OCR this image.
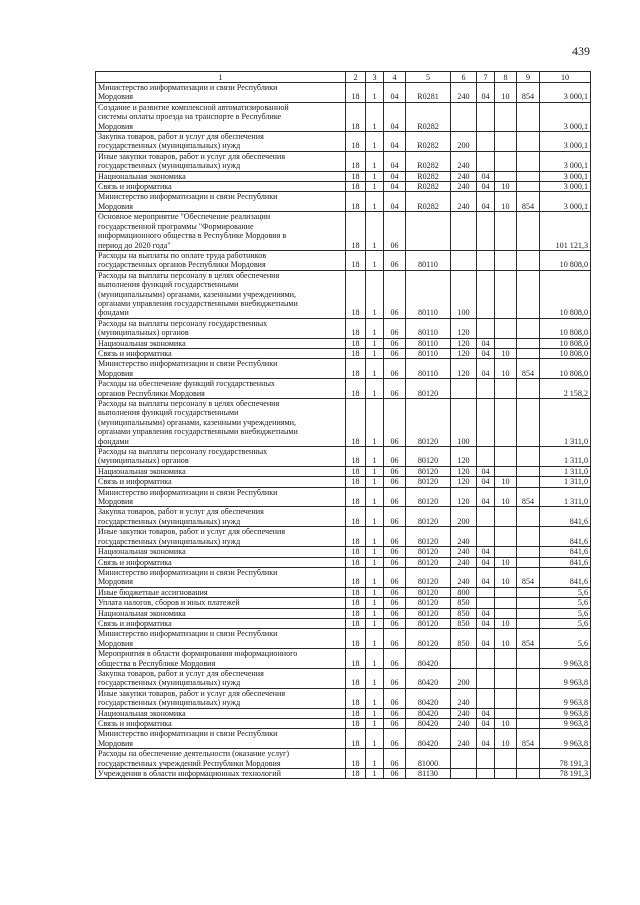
439
1	2	3	4	5	6	7	8	9	10
Министерство информатизации и связи Республики
Мордовия	18	1	04	R0281	240	04	10	854	3 000,1
Создание и развитие комплексной автоматизированной
системы оплаты проезда на транспорте в Республике
Мордовия	18	1	04	R0282					3 000,1
Закупка товаров, работ и услуг для обеспечения
государственных (муниципальных) нужд	18	1	04	R0282	200				3 000,1
Иные закупки товаров, работ и услуг для обеспечения
государственных (муниципальных) нужд	18	1	04	R0282	240				3 000,1
Национальная экономика	18	1	04	R0282	240	04			3 000,1
Связь и информатика	18	1	04	R0282	240	04	10		3 000,1
Министерство информатизации и связи Республики
Мордовия	18	1	04	R0282	240	04	10	854	3 000,1
Основное мероприятие "Обеспечение реализации
государственной программы "Формирование
информационного общества в Республике Мордовия в
период до 2020 года"	18	1	06						101 121,3
Расходы на выплаты по оплате труда работников
государственных органов Республики Мордовия	18	1	06	80110					10 808,0
Расходы на выплаты персоналу в целях обеспечения
выполнения функций государственными
(муниципальными) органами, казенными учреждениями,
органами управления государственными внебюджетными
фондами	18	1	06	80110	100				10 808,0
Расходы на выплаты персоналу государственных
(муниципальных) органов	18	1	06	80110	120				10 808,0
Национальная экономика	18	1	06	80110	120	04			10 808,0
Связь и информатика	18	1	06	80110	120	04	10		10 808,0
Министерство информатизации и связи Республики
Мордовия	18	1	06	80110	120	04	10	854	10 808,0
Расходы на обеспечение функций государственных
органов Республики Мордовия	18	1	06	80120					2 158,2
Расходы на выплаты персоналу в целях обеспечения
выполнения функций государственными
(муниципальными) органами, казенными учреждениями,
органами управления государственными внебюджетными
фондами	18	1	06	80120	100				1 311,0
Расходы на выплаты персоналу государственных
(муниципальных) органов	18	1	06	80120	120				1 311,0
Национальная экономика	18	1	06	80120	120	04			1 311,0
Связь и информатика	18	1	06	80120	120	04	10		1 311,0
Министерство информатизации и связи Республики
Мордовия	18	1	06	80120	120	04	10	854	1 311,0
Закупка товаров, работ и услуг для обеспечения
государственных (муниципальных) нужд	18	1	06	80120	200				841,6
Иные закупки товаров, работ и услуг для обеспечения
государственных (муниципальных) нужд	18	1	06	80120	240				841,6
Национальная экономика	18	1	06	80120	240	04			841,6
Связь и информатика	18	1	06	80120	240	04	10		841,6
Министерство информатизации и связи Республики
Мордовия	18	1	06	80120	240	04	10	854	841,6
Иные бюджетные ассигнования	18	1	06	80120	800				5,6
Уплата налогов, сборов и иных платежей	18	1	06	80120	850				5,6
Национальная экономика	18	1	06	80120	850	04			5,6
Связь и информатика	18	1	06	80120	850	04	10		5,6
Министерство информатизации и связи Республики
Мордовия	18	1	06	80120	850	04	10	854	5,6
Мероприятия в области формирования информационного
общества в Республике Мордовия	18	1	06	80420					9 963,8
Закупка товаров, работ и услуг для обеспечения
государственных (муниципальных) нужд	18	1	06	80420	200				9 963,8
Иные закупки товаров, работ и услуг для обеспечения
государственных (муниципальных) нужд	18	1	06	80420	240				9 963,8
Национальная экономика	18	1	06	80420	240	04			9 963,8
Связь и информатика	18	1	06	80420	240	04	10		9 963,8
Министерство информатизации и связи Республики
Мордовия	18	1	06	80420	240	04	10	854	9 963,8
Расходы на обеспечение деятельности (оказание услуг)
государственных учреждений Республики Мордовия	18	1	06	81000					78 191,3
Учреждения в области информационных технологий	18	1	06	81130					78 191,3
